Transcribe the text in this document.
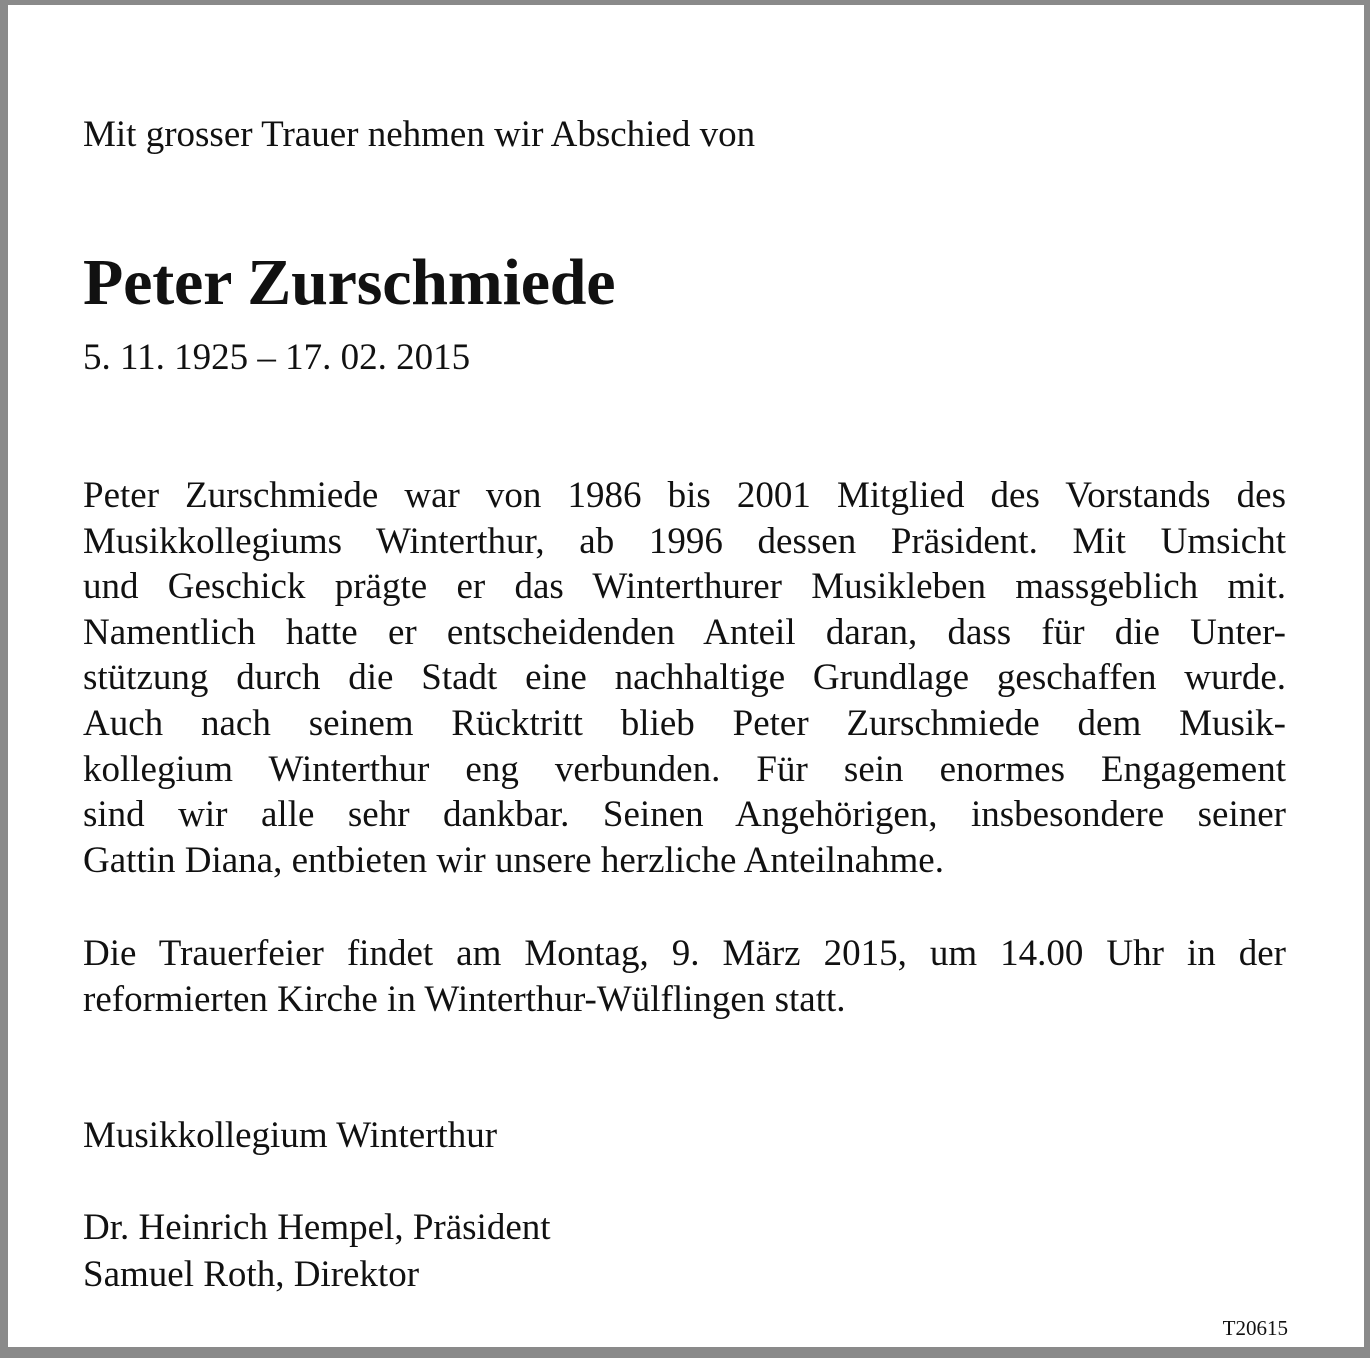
Mit grosser Trauer nehmen wir Abschied von
Peter Zurschmiede
5. 11. 1925 – 17. 02. 2015
Peter Zurschmiede war von 1986 bis 2001 Mitglied des Vorstands des
Musikkollegiums Winterthur, ab 1996 dessen Präsident. Mit Umsicht
und Geschick prägte er das Winterthurer Musikleben massgeblich mit.
Namentlich hatte er entscheidenden Anteil daran, dass für die Unter-
stützung durch die Stadt eine nachhaltige Grundlage geschaffen wurde.
Auch nach seinem Rücktritt blieb Peter Zurschmiede dem Musik-
kollegium Winterthur eng verbunden. Für sein enormes Engagement
sind wir alle sehr dankbar. Seinen Angehörigen, insbesondere seiner
Gattin Diana, entbieten wir unsere herzliche Anteilnahme.
Die Trauerfeier findet am Montag, 9. März 2015, um 14.00 Uhr in der
reformierten Kirche in Winterthur-Wülflingen statt.
Musikkollegium Winterthur
Dr. Heinrich Hempel, Präsident
Samuel Roth, Direktor
T20615
